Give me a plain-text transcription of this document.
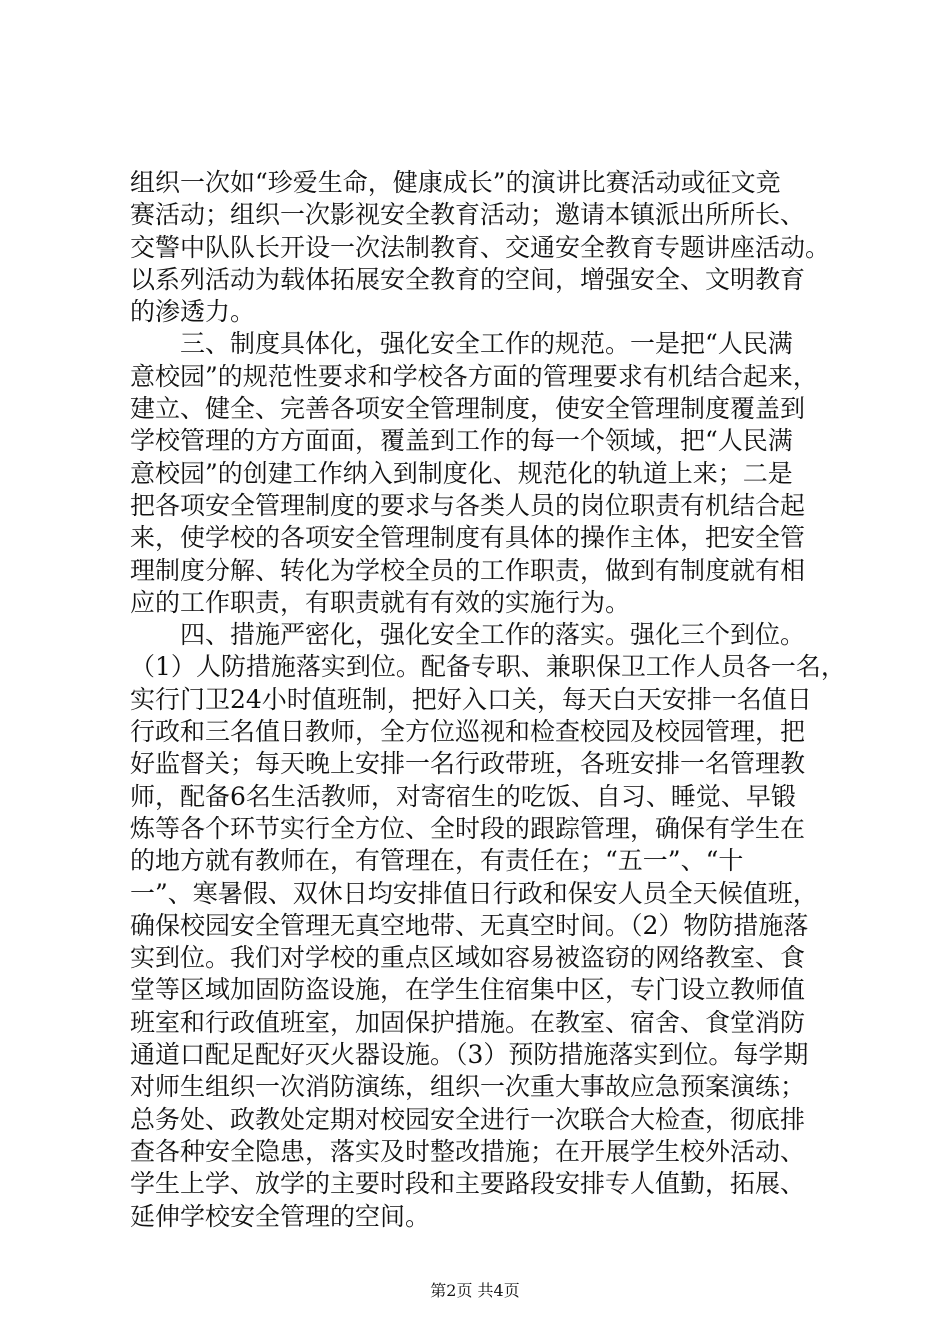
组织一次如“珍爱生命，健康成长”的演讲比赛活动或征文竞
赛活动；组织一次影视安全教育活动；邀请本镇派出所所长、
交警中队队长开设一次法制教育、交通安全教育专题讲座活动。
以系列活动为载体拓展安全教育的空间，增强安全、文明教育
的渗透力。
三、制度具体化，强化安全工作的规范。一是把“人民满
意校园”的规范性要求和学校各方面的管理要求有机结合起来，
建立、健全、完善各项安全管理制度，使安全管理制度覆盖到
学校管理的方方面面，覆盖到工作的每一个领域，把“人民满
意校园”的创建工作纳入到制度化、规范化的轨道上来；二是
把各项安全管理制度的要求与各类人员的岗位职责有机结合起
来，使学校的各项安全管理制度有具体的操作主体，把安全管
理制度分解、转化为学校全员的工作职责，做到有制度就有相
应的工作职责，有职责就有有效的实施行为。
四、措施严密化，强化安全工作的落实。强化三个到位。
（1）人防措施落实到位。配备专职、兼职保卫工作人员各一名，
实行门卫24小时值班制，把好入口关，每天白天安排一名值日
行政和三名值日教师，全方位巡视和检查校园及校园管理，把
好监督关；每天晚上安排一名行政带班，各班安排一名管理教
师，配备6名生活教师，对寄宿生的吃饭、自习、睡觉、早锻
炼等各个环节实行全方位、全时段的跟踪管理，确保有学生在
的地方就有教师在，有管理在，有责任在；“五一”、“十
一”、寒暑假、双休日均安排值日行政和保安人员全天候值班，
确保校园安全管理无真空地带、无真空时间。（2）物防措施落
实到位。我们对学校的重点区域如容易被盗窃的网络教室、食
堂等区域加固防盗设施，在学生住宿集中区，专门设立教师值
班室和行政值班室，加固保护措施。在教室、宿舍、食堂消防
通道口配足配好灭火器设施。（3）预防措施落实到位。每学期
对师生组织一次消防演练，组织一次重大事故应急预案演练；
总务处、政教处定期对校园安全进行一次联合大检查，彻底排
查各种安全隐患，落实及时整改措施；在开展学生校外活动、
学生上学、放学的主要时段和主要路段安排专人值勤，拓展、
延伸学校安全管理的空间。
第2页 共4页
